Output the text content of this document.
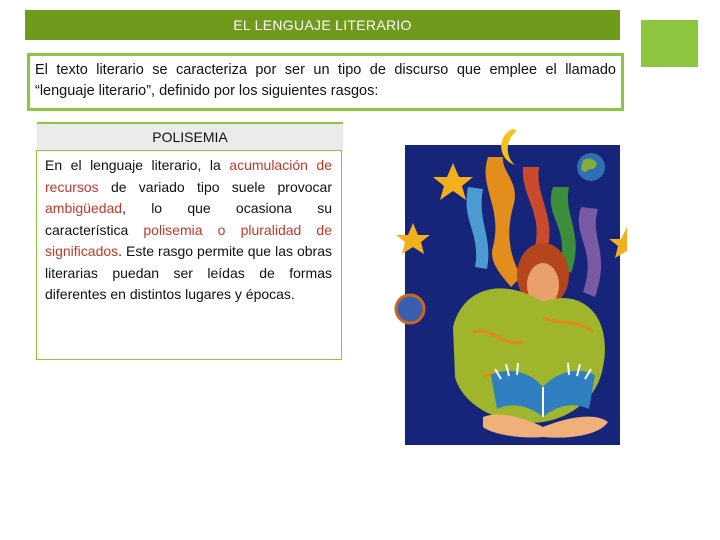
EL LENGUAJE LITERARIO
El texto literario se caracteriza por ser un tipo de discurso que emplee el llamado “lenguaje literario”, definido por los siguientes rasgos:
POLISEMIA
En el lenguaje literario, la acumulación de recursos de variado tipo suele provocar ambigüedad, lo que ocasiona su característica polisemia o pluralidad de significados. Este rasgo permite que las obras literarias puedan ser leídas de formas diferentes en distintos lugares y épocas.
